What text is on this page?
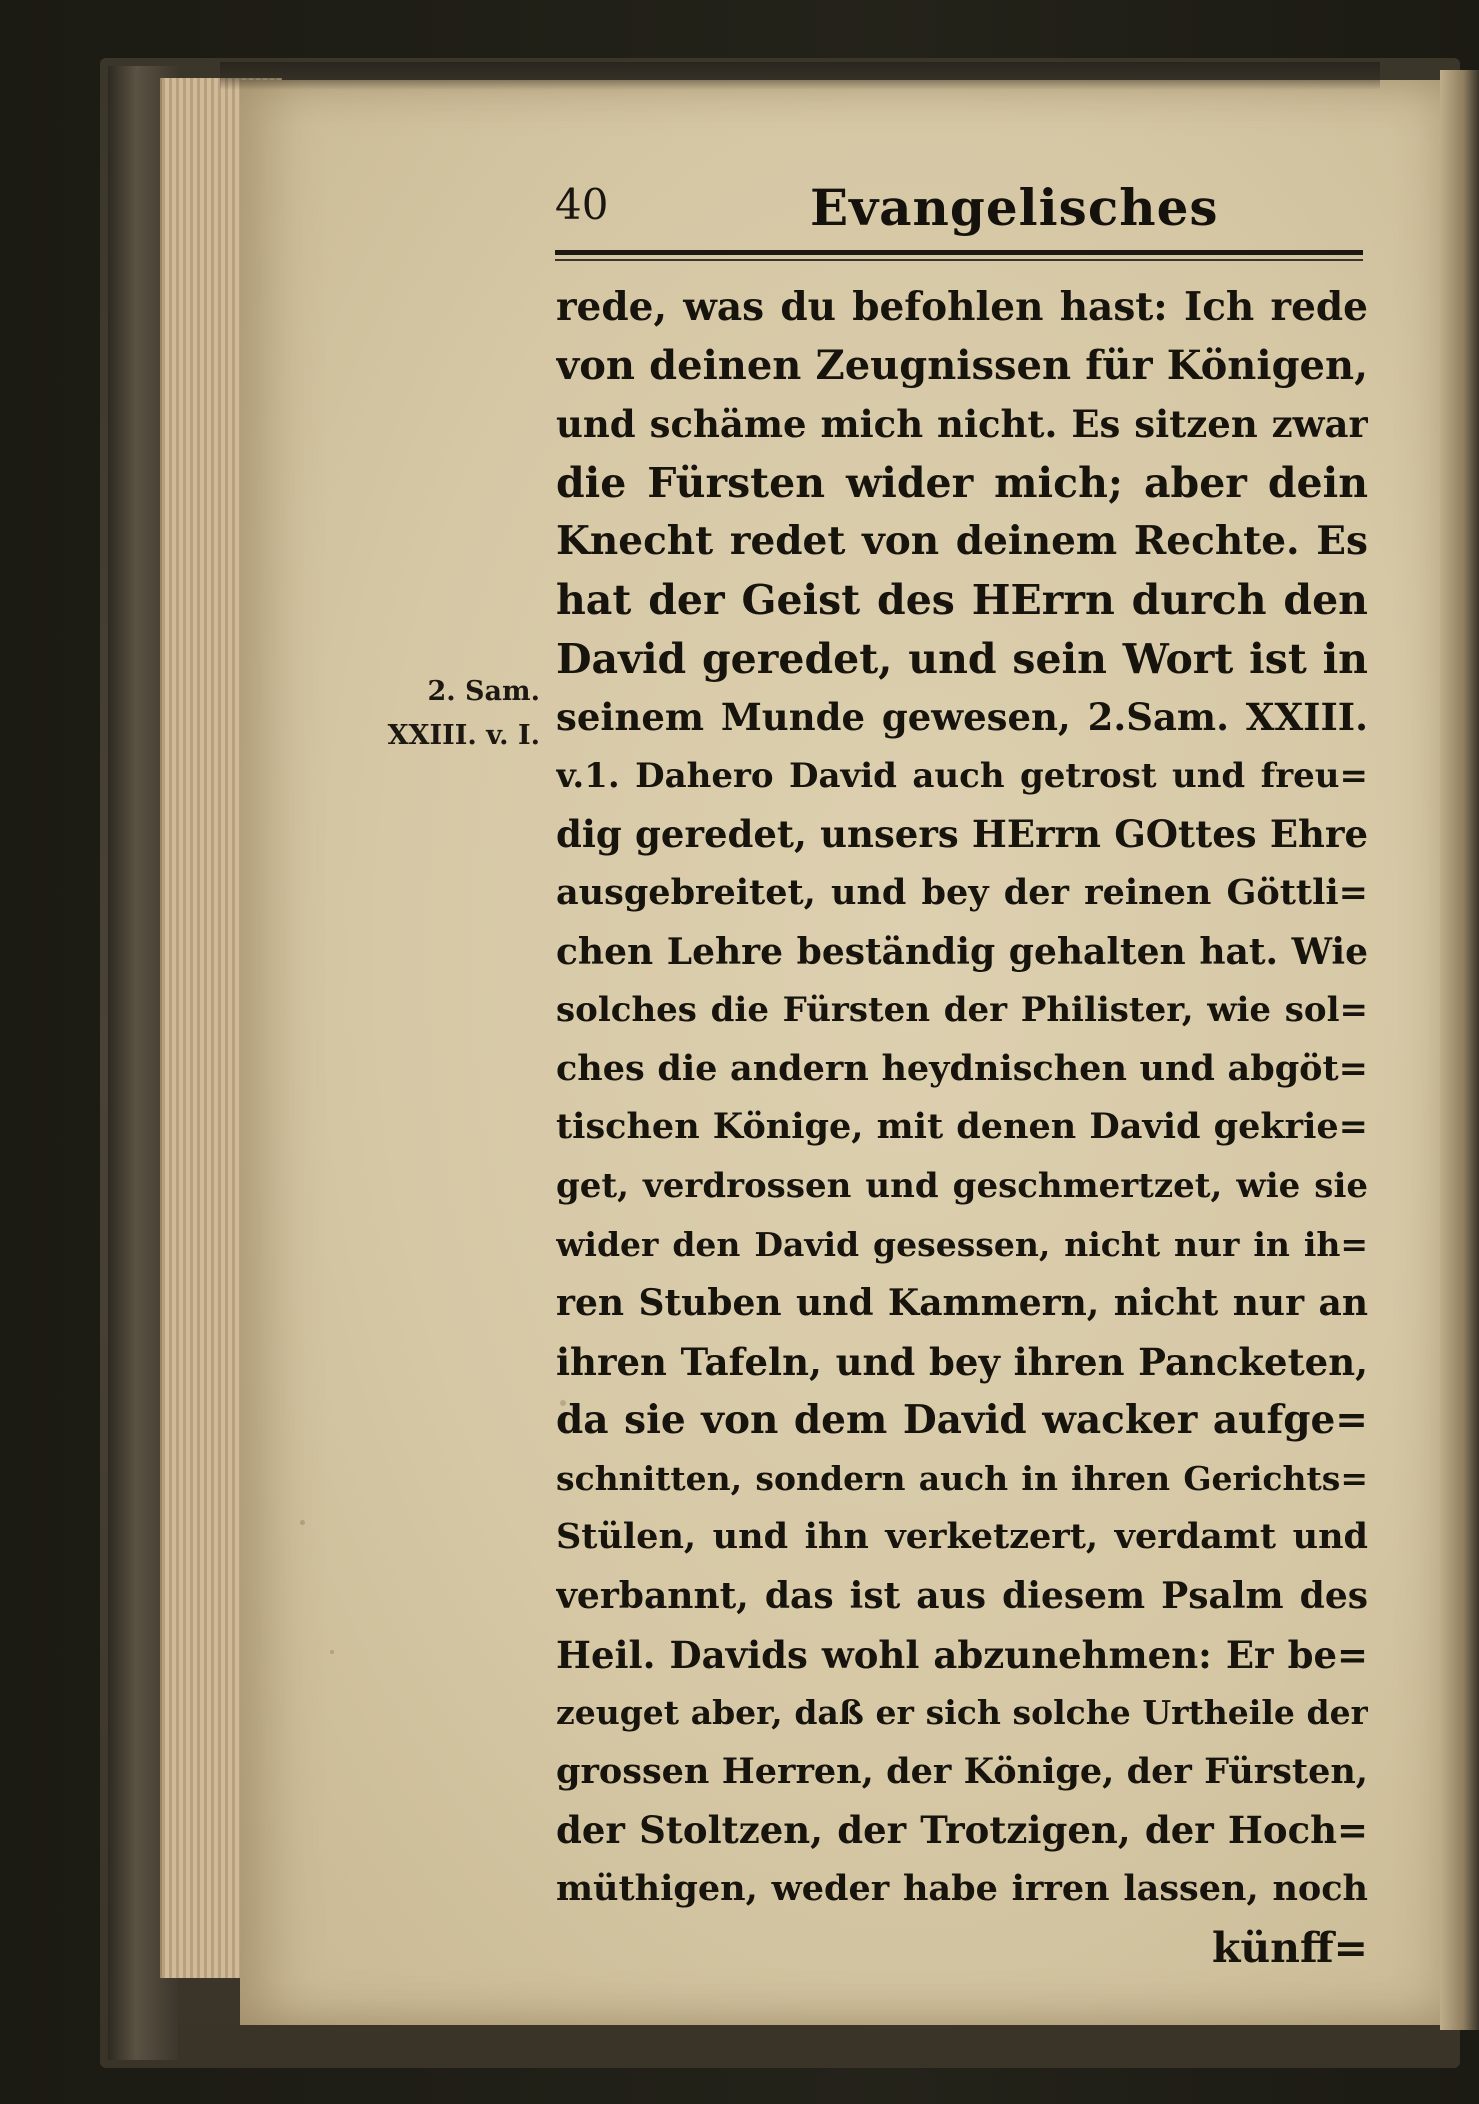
40	Evangelisches
2. Sam.
XXIII. v. I.
rede, was du befohlen hast: Ich rede
von deinen Zeugnissen für Königen,
und schäme mich nicht. Es sitzen zwar
die Fürsten wider mich; aber dein
Knecht redet von deinem Rechte. Es
hat der Geist des HErrn durch den
David geredet, und sein Wort ist in
seinem Munde gewesen, 2.Sam. XXIII.
v.1. Dahero David auch getrost und freu=
dig geredet, unsers HErrn GOttes Ehre
ausgebreitet, und bey der reinen Göttli=
chen Lehre beständig gehalten hat. Wie
solches die Fürsten der Philister, wie sol=
ches die andern heydnischen und abgöt=
tischen Könige, mit denen David gekrie=
get, verdrossen und geschmertzet, wie sie
wider den David gesessen, nicht nur in ih=
ren Stuben und Kammern, nicht nur an
ihren Tafeln, und bey ihren Pancketen,
da sie von dem David wacker aufge=
schnitten, sondern auch in ihren Gerichts=
Stülen, und ihn verketzert, verdamt und
verbannt, das ist aus diesem Psalm des
Heil. Davids wohl abzunehmen: Er be=
zeuget aber, daß er sich solche Urtheile der
grossen Herren, der Könige, der Fürsten,
der Stoltzen, der Trotzigen, der Hoch=
müthigen, weder habe irren lassen, noch
künff=
